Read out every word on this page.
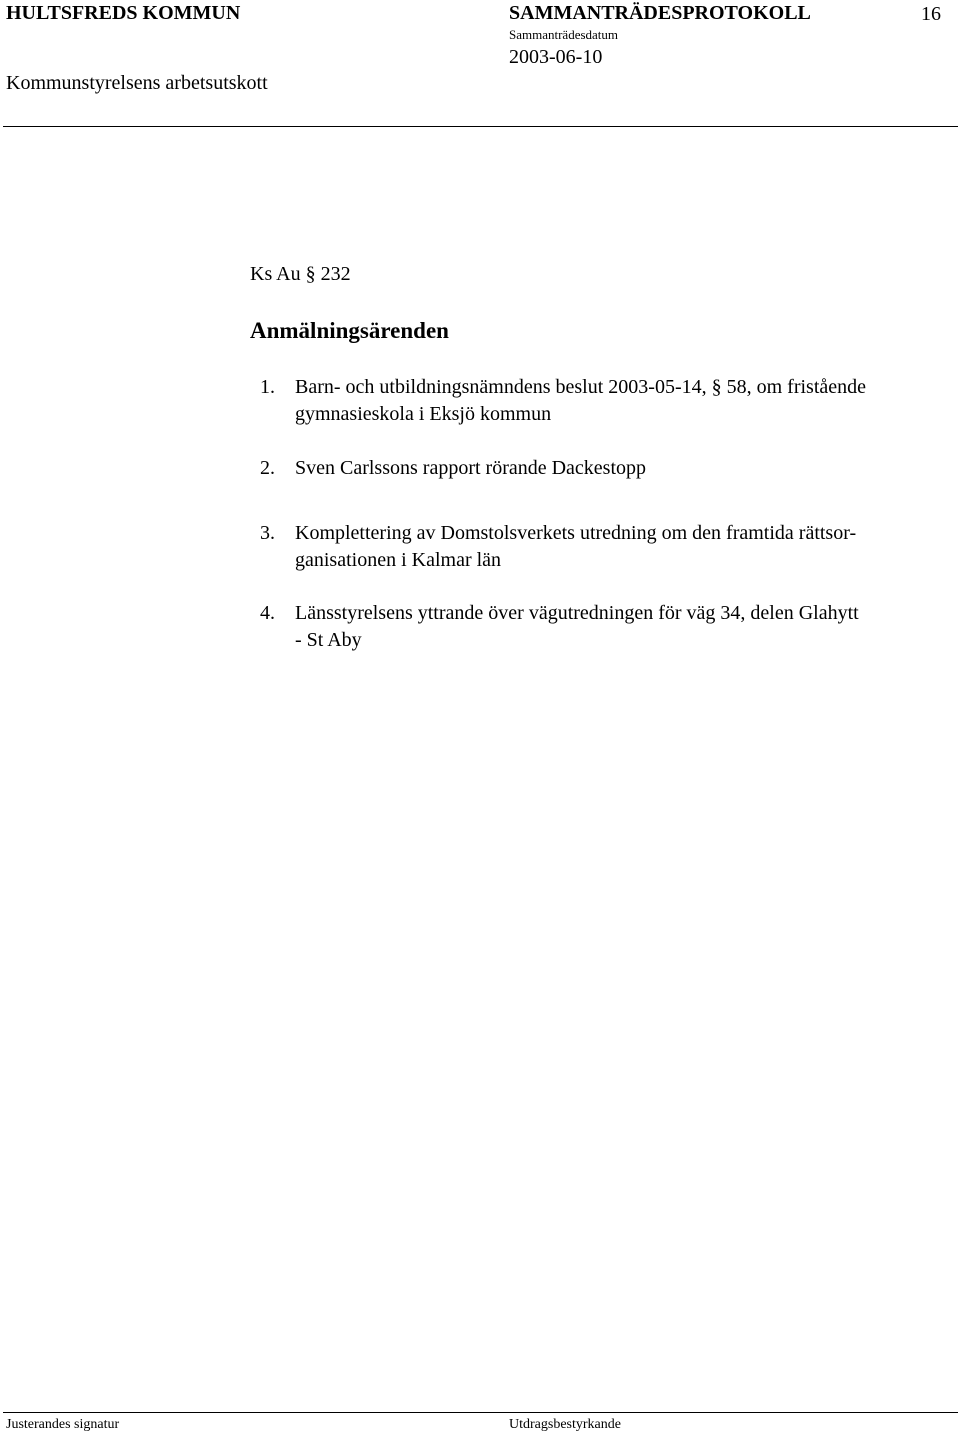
HULTSFREDS KOMMUN	SAMMANTRÄDESPROTOKOLL	16
Sammanträdesdatum
2003-06-10
Kommunstyrelsens arbetsutskott
Ks Au § 232
Anmälningsärenden
1. Barn- och utbildningsnämndens beslut 2003-05-14, § 58, om fristående
gymnasieskola i Eksjö kommun
2. Sven Carlssons rapport rörande Dackestopp
3. Komplettering av Domstolsverkets utredning om den framtida rättsor-
ganisationen i Kalmar län
4. Länsstyrelsens yttrande över vägutredningen för väg 34, delen Glahytt
- St Aby
Justerandes signatur	Utdragsbestyrkande
